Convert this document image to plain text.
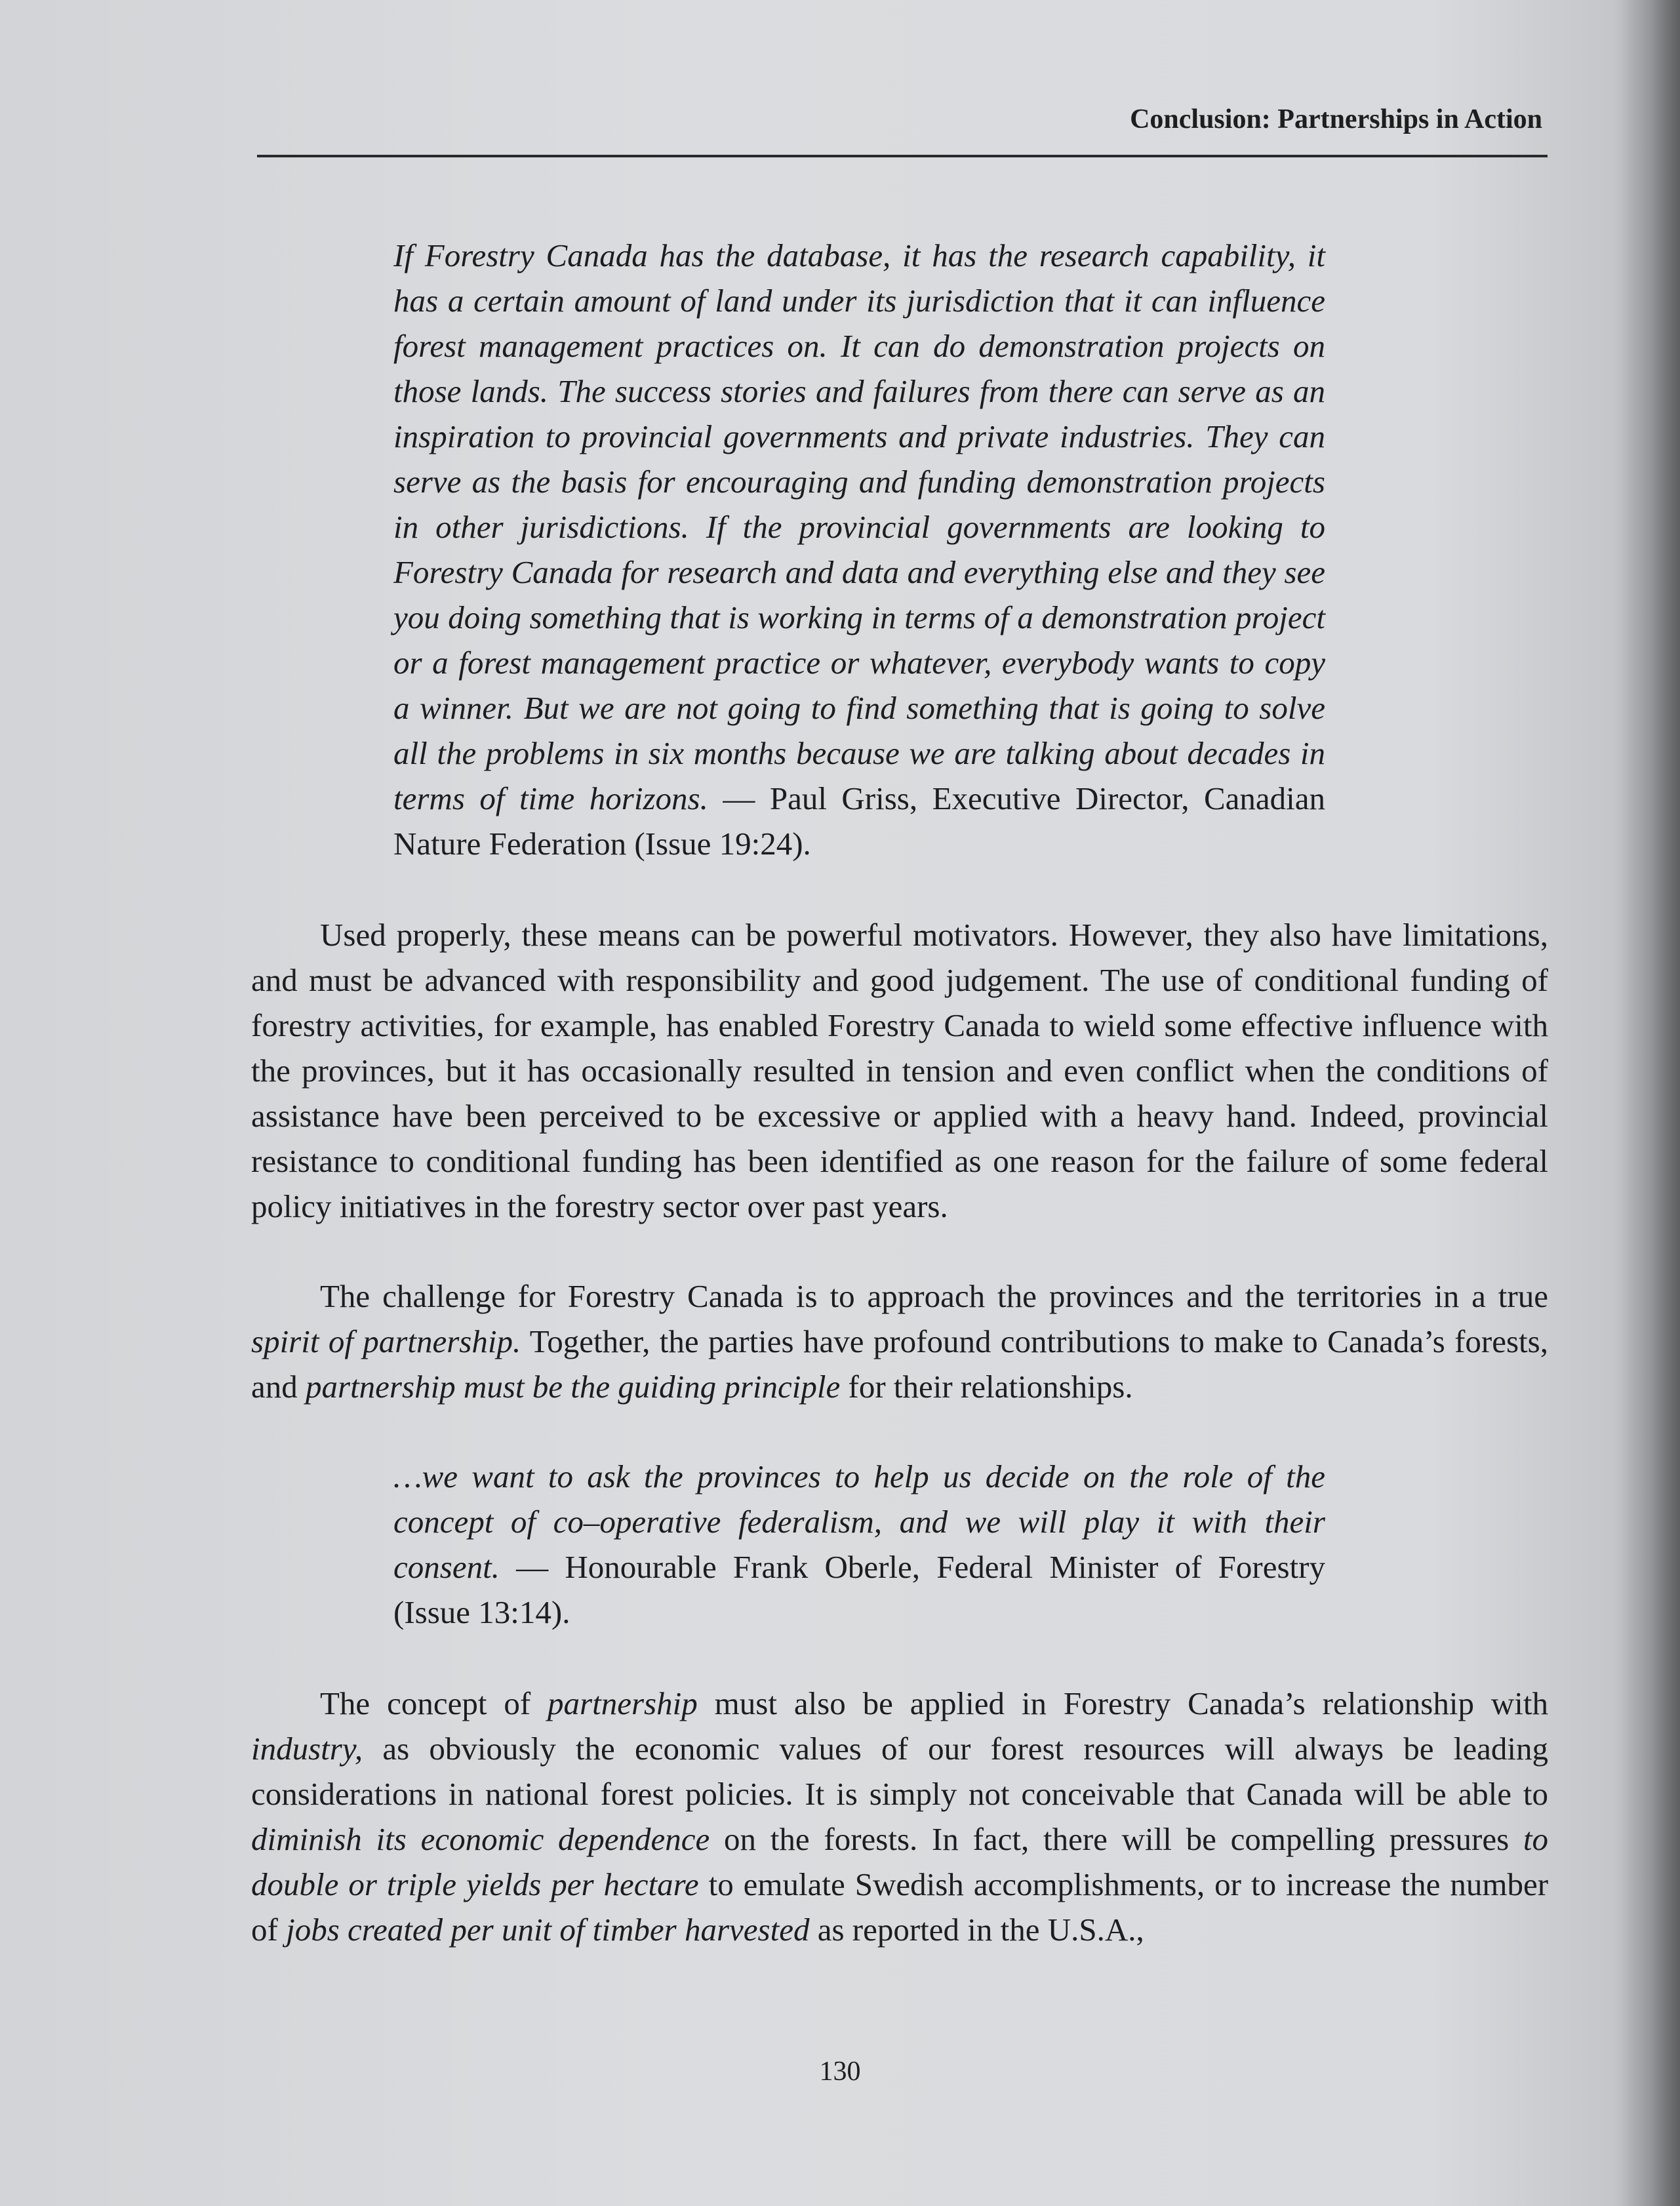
Conclusion: Partnerships in Action
If Forestry Canada has the database, it has the research capability, it has a certain amount of land under its jurisdiction that it can influence forest management practices on. It can do demonstration projects on those lands. The success stories and failures from there can serve as an inspiration to provincial governments and private industries. They can serve as the basis for encouraging and funding demonstration projects in other jurisdictions. If the provincial governments are looking to Forestry Canada for research and data and everything else and they see you doing something that is working in terms of a demonstration project or a forest management practice or whatever, everybody wants to copy a winner. But we are not going to find something that is going to solve all the problems in six months because we are talking about decades in terms of time horizons. — Paul Griss, Executive Director, Canadian Nature Federation (Issue 19:24).

Used properly, these means can be powerful motivators. However, they also have limitations, and must be advanced with responsibility and good judgement. The use of conditional funding of forestry activities, for example, has enabled Forestry Canada to wield some effective influence with the provinces, but it has occasionally resulted in tension and even conflict when the conditions of assistance have been perceived to be excessive or applied with a heavy hand. Indeed, provincial resistance to conditional funding has been identified as one reason for the failure of some federal policy initiatives in the forestry sector over past years.

The challenge for Forestry Canada is to approach the provinces and the territories in a true spirit of partnership. Together, the parties have profound contributions to make to Canada’s forests, and partnership must be the guiding principle for their relationships.

…we want to ask the provinces to help us decide on the role of the concept of co–operative federalism, and we will play it with their consent. — Honourable Frank Oberle, Federal Minister of Forestry (Issue 13:14).

The concept of partnership must also be applied in Forestry Canada’s relationship with industry, as obviously the economic values of our forest resources will always be leading considerations in national forest policies. It is simply not conceivable that Canada will be able to diminish its economic dependence on the forests. In fact, there will be compelling pressures to double or triple yields per hectare to emulate Swedish accomplishments, or to increase the number of jobs created per unit of timber harvested as reported in the U.S.A.,

130
